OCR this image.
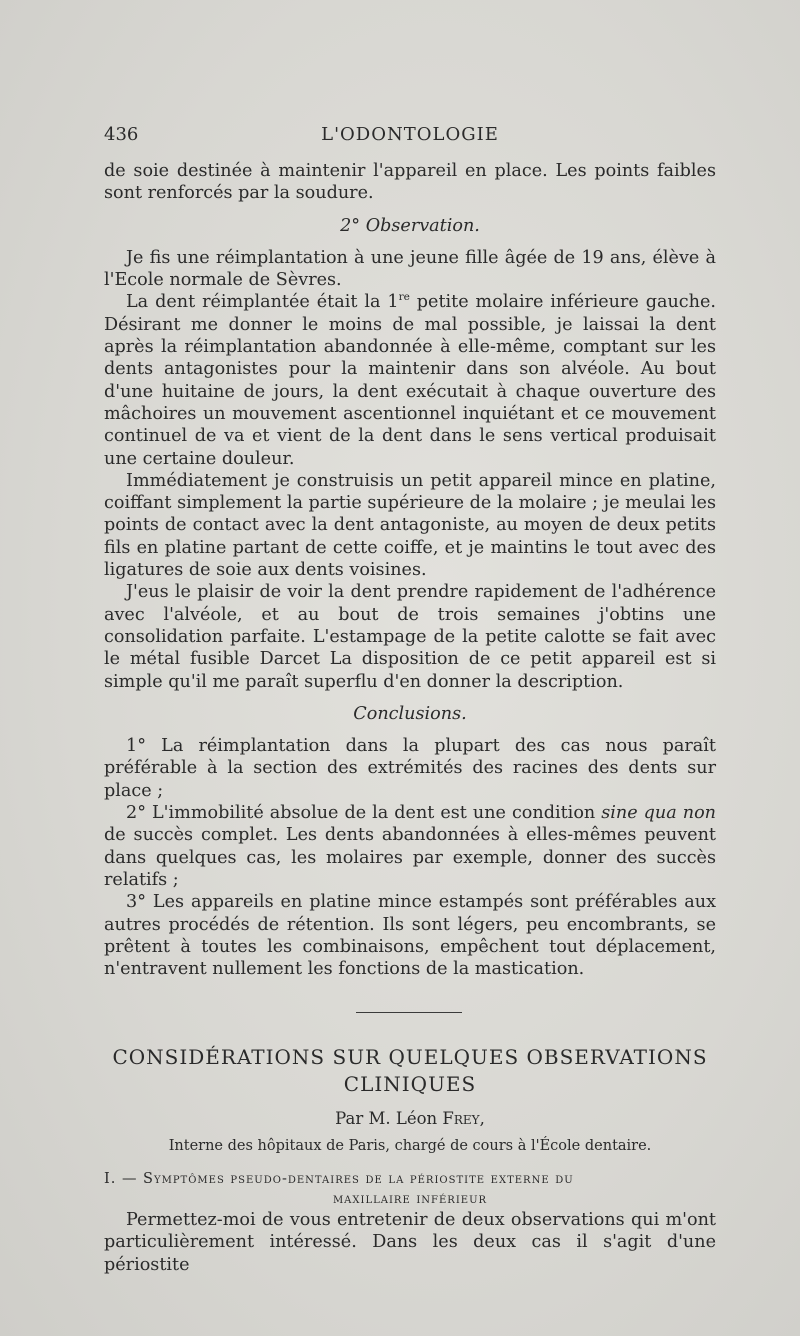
436	L'ODONTOLOGIE

de soie destinée à maintenir l'appareil en place. Les points faibles sont renforcés par la soudure.

2° Observation.

Je fis une réimplantation à une jeune fille âgée de 19 ans, élève à l'Ecole normale de Sèvres.

La dent réimplantée était la 1re petite molaire inférieure gauche. Désirant me donner le moins de mal possible, je laissai la dent après la réimplantation abandonnée à elle-même, comptant sur les dents antagonistes pour la maintenir dans son alvéole. Au bout d'une huitaine de jours, la dent exécutait à chaque ouverture des mâchoires un mouvement ascentionnel inquiétant et ce mouvement continuel de va et vient de la dent dans le sens vertical produisait une certaine douleur.

Immédiatement je construisis un petit appareil mince en platine, coiffant simplement la partie supérieure de la molaire ; je meulai les points de contact avec la dent antagoniste, au moyen de deux petits fils en platine partant de cette coiffe, et je maintins le tout avec des ligatures de soie aux dents voisines.

J'eus le plaisir de voir la dent prendre rapidement de l'adhérence avec l'alvéole, et au bout de trois semaines j'obtins une consolidation parfaite. L'estampage de la petite calotte se fait avec le métal fusible Darcet La disposition de ce petit appareil est si simple qu'il me paraît superflu d'en donner la description.

Conclusions.

1° La réimplantation dans la plupart des cas nous paraît préférable à la section des extrémités des racines des dents sur place ;

2° L'immobilité absolue de la dent est une condition sine qua non de succès complet. Les dents abandonnées à elles-mêmes peuvent dans quelques cas, les molaires par exemple, donner des succès relatifs ;

3° Les appareils en platine mince estampés sont préférables aux autres procédés de rétention. Ils sont légers, peu encombrants, se prêtent à toutes les combinaisons, empêchent tout déplacement, n'entravent nullement les fonctions de la mastication.

CONSIDÉRATIONS SUR QUELQUES OBSERVATIONS
CLINIQUES
Par M. Léon Frey,
Interne des hôpitaux de Paris, chargé de cours à l'École dentaire.
I. — Symptômes pseudo-dentaires de la périostite externe du
maxillaire inférieur

Permettez-moi de vous entretenir de deux observations qui m'ont particulièrement intéressé. Dans les deux cas il s'agit d'une périostite
